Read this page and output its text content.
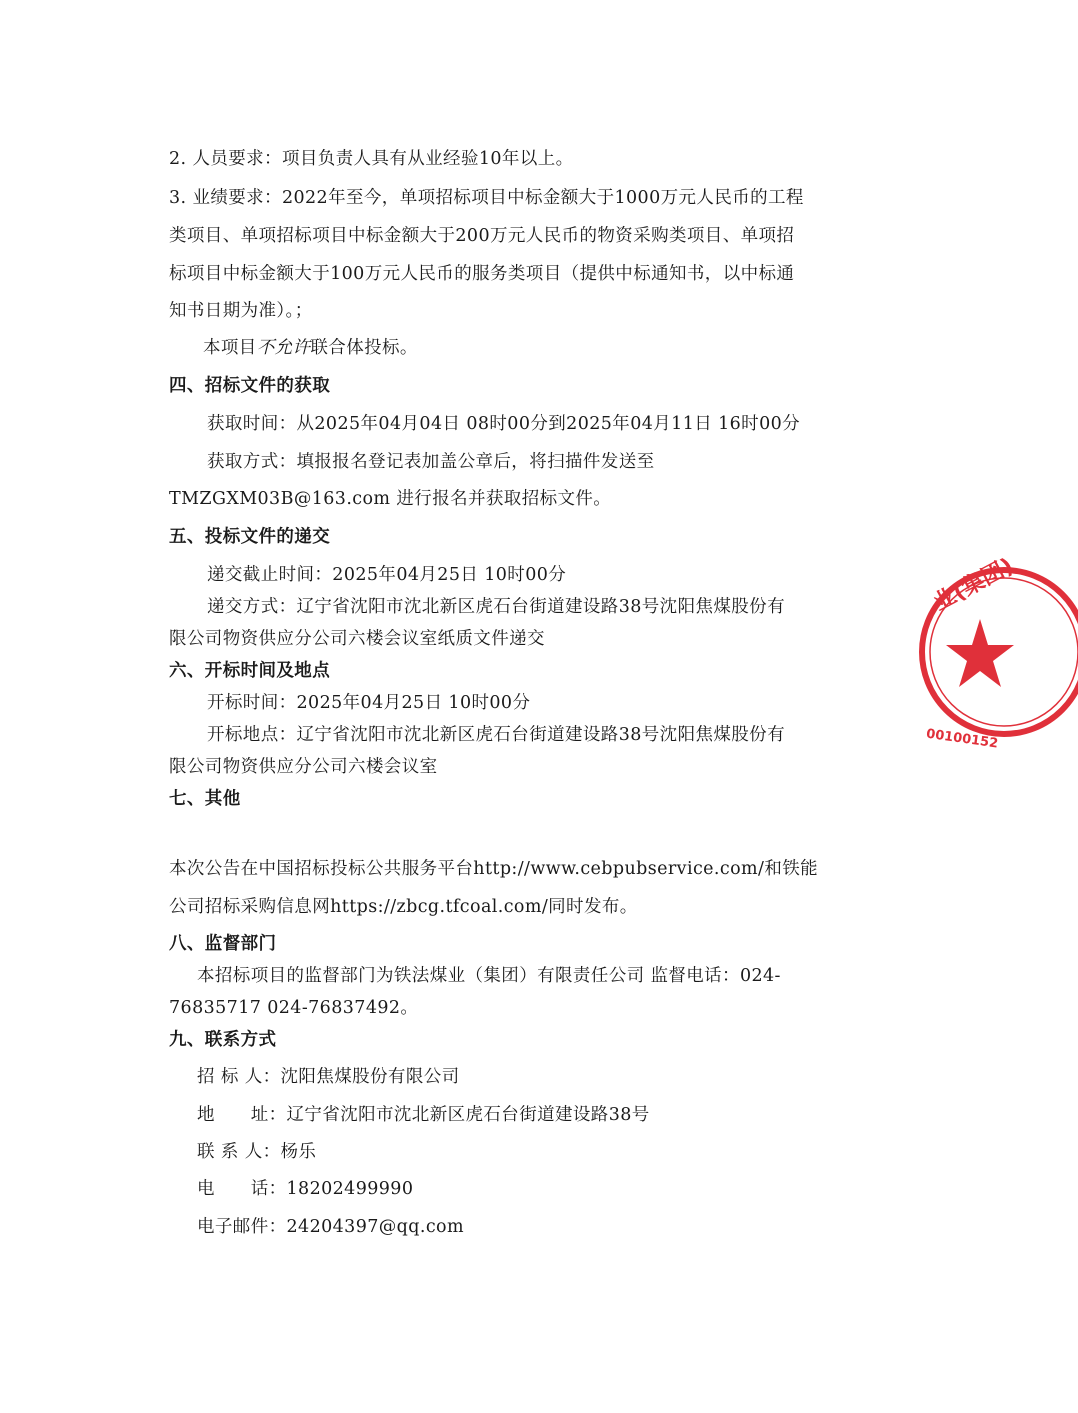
2. 人员要求：项目负责人具有从业经验10年以上。
3. 业绩要求：2022年至今，单项招标项目中标金额大于1000万元人民币的工程
类项目、单项招标项目中标金额大于200万元人民币的物资采购类项目、单项招
标项目中标金额大于100万元人民币的服务类项目（提供中标通知书，以中标通
知书日期为准）。；
本项目不允许联合体投标。
四、招标文件的获取
获取时间：从2025年04月04日 08时00分到2025年04月11日 16时00分
获取方式：填报报名登记表加盖公章后，将扫描件发送至
TMZGXM03B@163.com 进行报名并获取招标文件。
五、投标文件的递交
递交截止时间：2025年04月25日 10时00分
递交方式：辽宁省沈阳市沈北新区虎石台街道建设路38号沈阳焦煤股份有
限公司物资供应分公司六楼会议室纸质文件递交
六、开标时间及地点
开标时间：2025年04月25日 10时00分
开标地点：辽宁省沈阳市沈北新区虎石台街道建设路38号沈阳焦煤股份有
限公司物资供应分公司六楼会议室
七、其他
本次公告在中国招标投标公共服务平台http://www.cebpubservice.com/和铁能
公司招标采购信息网https://zbcg.tfcoal.com/同时发布。
八、监督部门
本招标项目的监督部门为铁法煤业（集团）有限责任公司 监督电话：024-
76835717 024-76837492。
九、联系方式
招 标 人：沈阳焦煤股份有限公司
地　　址：辽宁省沈阳市沈北新区虎石台街道建设路38号
联 系 人：杨乐
电　　话：18202499990
电子邮件：24204397@qq.com
业(集团)
00100152
